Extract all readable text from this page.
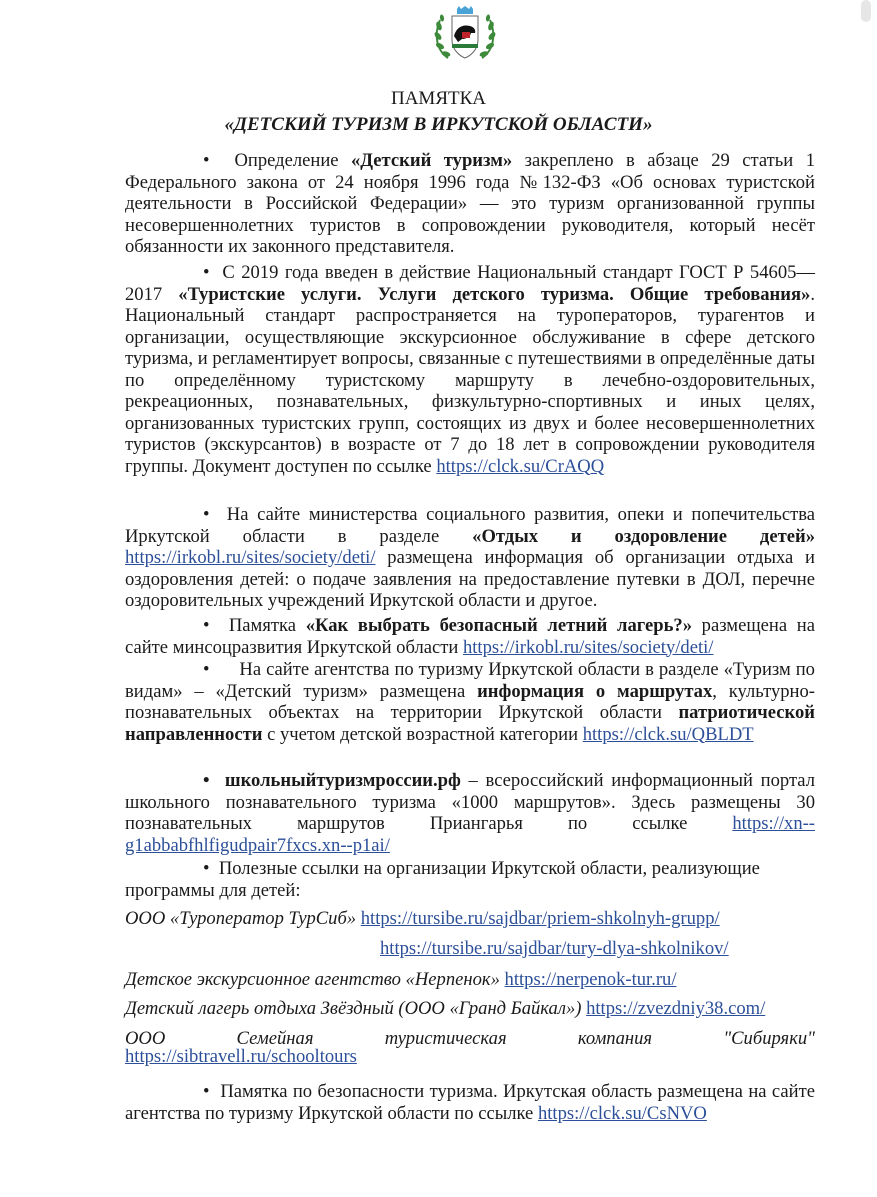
ПАМЯТКА
«ДЕТСКИЙ ТУРИЗМ В ИРКУТСКОЙ ОБЛАСТИ»

•  Определение «Детский туризм» закреплено в абзаце 29 статьи 1 Федерального закона от 24 ноября 1996 года №132-ФЗ «Об основах туристской деятельности в Российской Федерации» — это туризм организованной группы несовершеннолетних туристов в сопровождении руководителя, который несёт обязанности их законного представителя.

•  С 2019 года введен в действие Национальный стандарт ГОСТ Р 54605— 2017 «Туристские услуги. Услуги детского туризма. Общие требования». Национальный стандарт распространяется на туроператоров, турагентов и организации, осуществляющие экскурсионное обслуживание в сфере детского туризма, и регламентирует вопросы, связанные с путешествиями в определённые даты по определённому туристскому маршруту в лечебно-оздоровительных, рекреационных, познавательных, физкультурно-спортивных и иных целях, организованных туристских групп, состоящих из двух и более несовершеннолетних туристов (экскурсантов) в возрасте от 7 до 18 лет в сопровождении руководителя группы. Документ доступен по ссылке https://clck.su/CrAQQ

•  На сайте министерства социального развития, опеки и попечительства Иркутской области в разделе «Отдых и оздоровление детей» https://irkobl.ru/sites/society/deti/ размещена информация об организации отдыха и оздоровления детей: о подаче заявления на предоставление путевки в ДОЛ, перечне оздоровительных учреждений Иркутской области и другое.

•  Памятка «Как выбрать безопасный летний лагерь?» размещена на сайте минсоцразвития Иркутской области https://irkobl.ru/sites/society/deti/

•      На сайте агентства по туризму Иркутской области в разделе «Туризм по видам» – «Детский туризм» размещена информация о маршрутах, культурно-познавательных объектах на территории Иркутской области патриотической направленности с учетом детской возрастной категории https://clck.su/QBLDT

•  школьныйтуризмроссии.рф – всероссийский информационный портал школьного познавательного туризма «1000 маршрутов». Здесь размещены 30 познавательных маршрутов Приангарья по ссылке https://xn--g1abbabfhlfigudpair7fxcs.xn--p1ai/

•  Полезные ссылки на организации Иркутской области, реализующие программы для детей:

ООО «Туроператор ТурСиб» https://tursibe.ru/sajdbar/priem-shkolnyh-grupp/
https://tursibe.ru/sajdbar/tury-dlya-shkolnikov/
Детское экскурсионное агентство «Нерпенок» https://nerpenok-tur.ru/
Детский лагерь отдыха Звёздный (ООО «Гранд Байкал») https://zvezdniy38.com/
ООО Семейная туристическая компания "Сибиряки"
https://sibtravell.ru/schooltours

•  Памятка по безопасности туризма. Иркутская область размещена на сайте агентства по туризму Иркутской области по ссылке https://clck.su/CsNVO
